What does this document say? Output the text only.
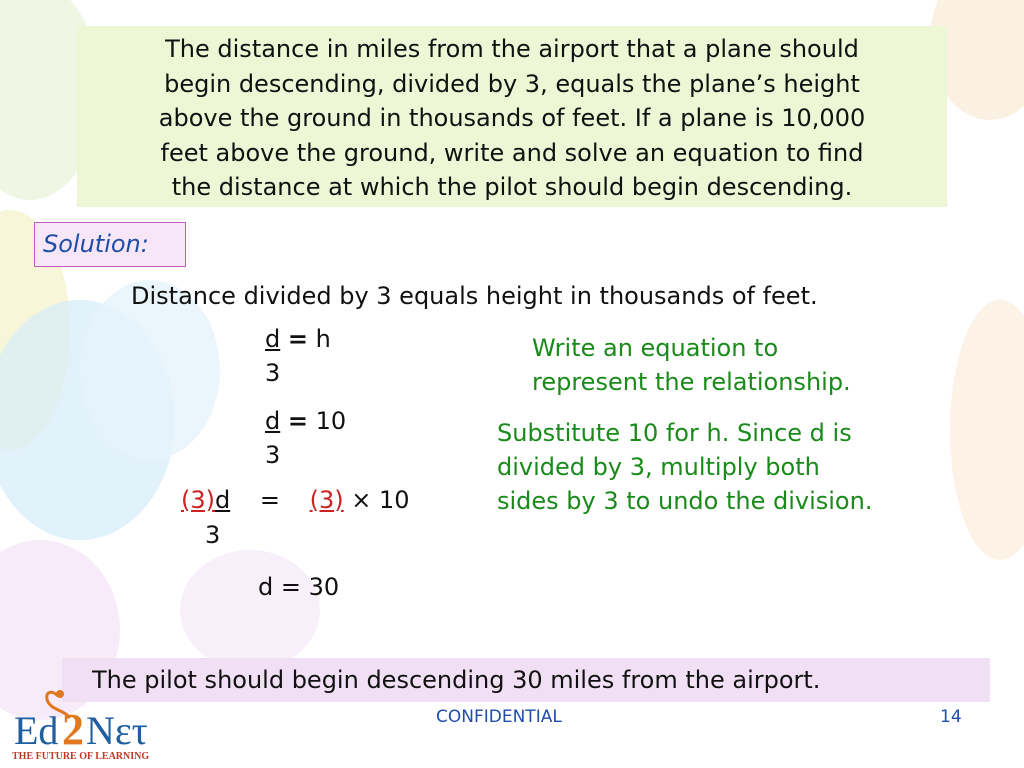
The distance in miles from the airport that a plane should
begin descending, divided by 3, equals the plane’s height
above the ground in thousands of feet. If a plane is 10,000
feet above the ground, write and solve an equation to find
the distance at which the pilot should begin descending.
Solution:
Distance divided by 3 equals height in thousands of feet.
d = h
3
d = 10
3
(3)d = (3) × 10
3
d = 30
Write an equation to
represent the relationship.
Substitute 10 for h. Since d is
divided by 3, multiply both
sides by 3 to undo the division.
The pilot should begin descending 30 miles from the airport.
CONFIDENTIAL	14
Ed 2 Nετ
THE FUTURE OF LEARNING
